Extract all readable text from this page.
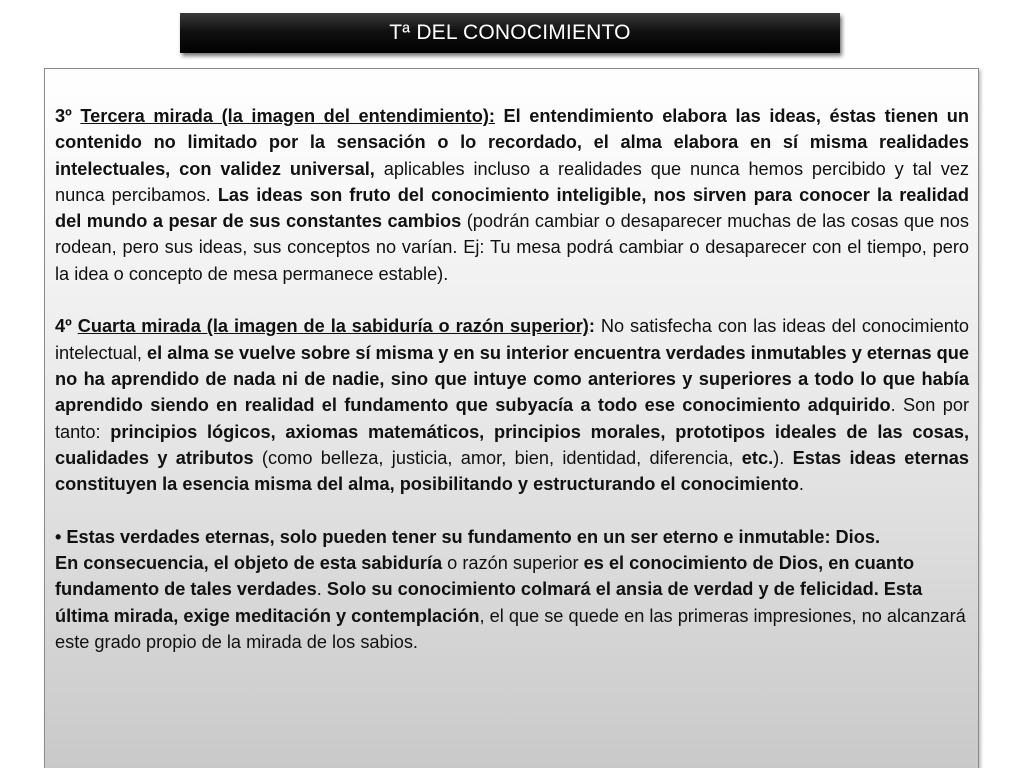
Tª DEL CONOCIMIENTO

3º Tercera mirada (la imagen del entendimiento): El entendimiento elabora las ideas, éstas tienen un contenido no limitado por la sensación o lo recordado, el alma elabora en sí misma realidades intelectuales, con validez universal, aplicables incluso a realidades que nunca hemos percibido y tal vez nunca percibamos. Las ideas son fruto del conocimiento inteligible, nos sirven para conocer la realidad del mundo a pesar de sus constantes cambios (podrán cambiar o desaparecer muchas de las cosas que nos rodean, pero sus ideas, sus conceptos no varían. Ej: Tu mesa podrá cambiar o desaparecer con el tiempo, pero la idea o concepto de mesa permanece estable).

4º Cuarta mirada (la imagen de la sabiduría o razón superior): No satisfecha con las ideas del conocimiento intelectual, el alma se vuelve sobre sí misma y en su interior encuentra verdades inmutables y eternas que no ha aprendido de nada ni de nadie, sino que intuye como anteriores y superiores a todo lo que había aprendido siendo en realidad el fundamento que subyacía a todo ese conocimiento adquirido. Son por tanto: principios lógicos, axiomas matemáticos, principios morales, prototipos ideales de las cosas, cualidades y atributos (como belleza, justicia, amor, bien, identidad, diferencia, etc.). Estas ideas eternas constituyen la esencia misma del alma, posibilitando y estructurando el conocimiento.

• Estas verdades eternas, solo pueden tener su fundamento en un ser eterno e inmutable: Dios.
En consecuencia, el objeto de esta sabiduría o razón superior es el conocimiento de Dios, en cuanto fundamento de tales verdades. Solo su conocimiento colmará el ansia de verdad y de felicidad. Esta última mirada, exige meditación y contemplación, el que se quede en las primeras impresiones, no alcanzará este grado propio de la mirada de los sabios.
